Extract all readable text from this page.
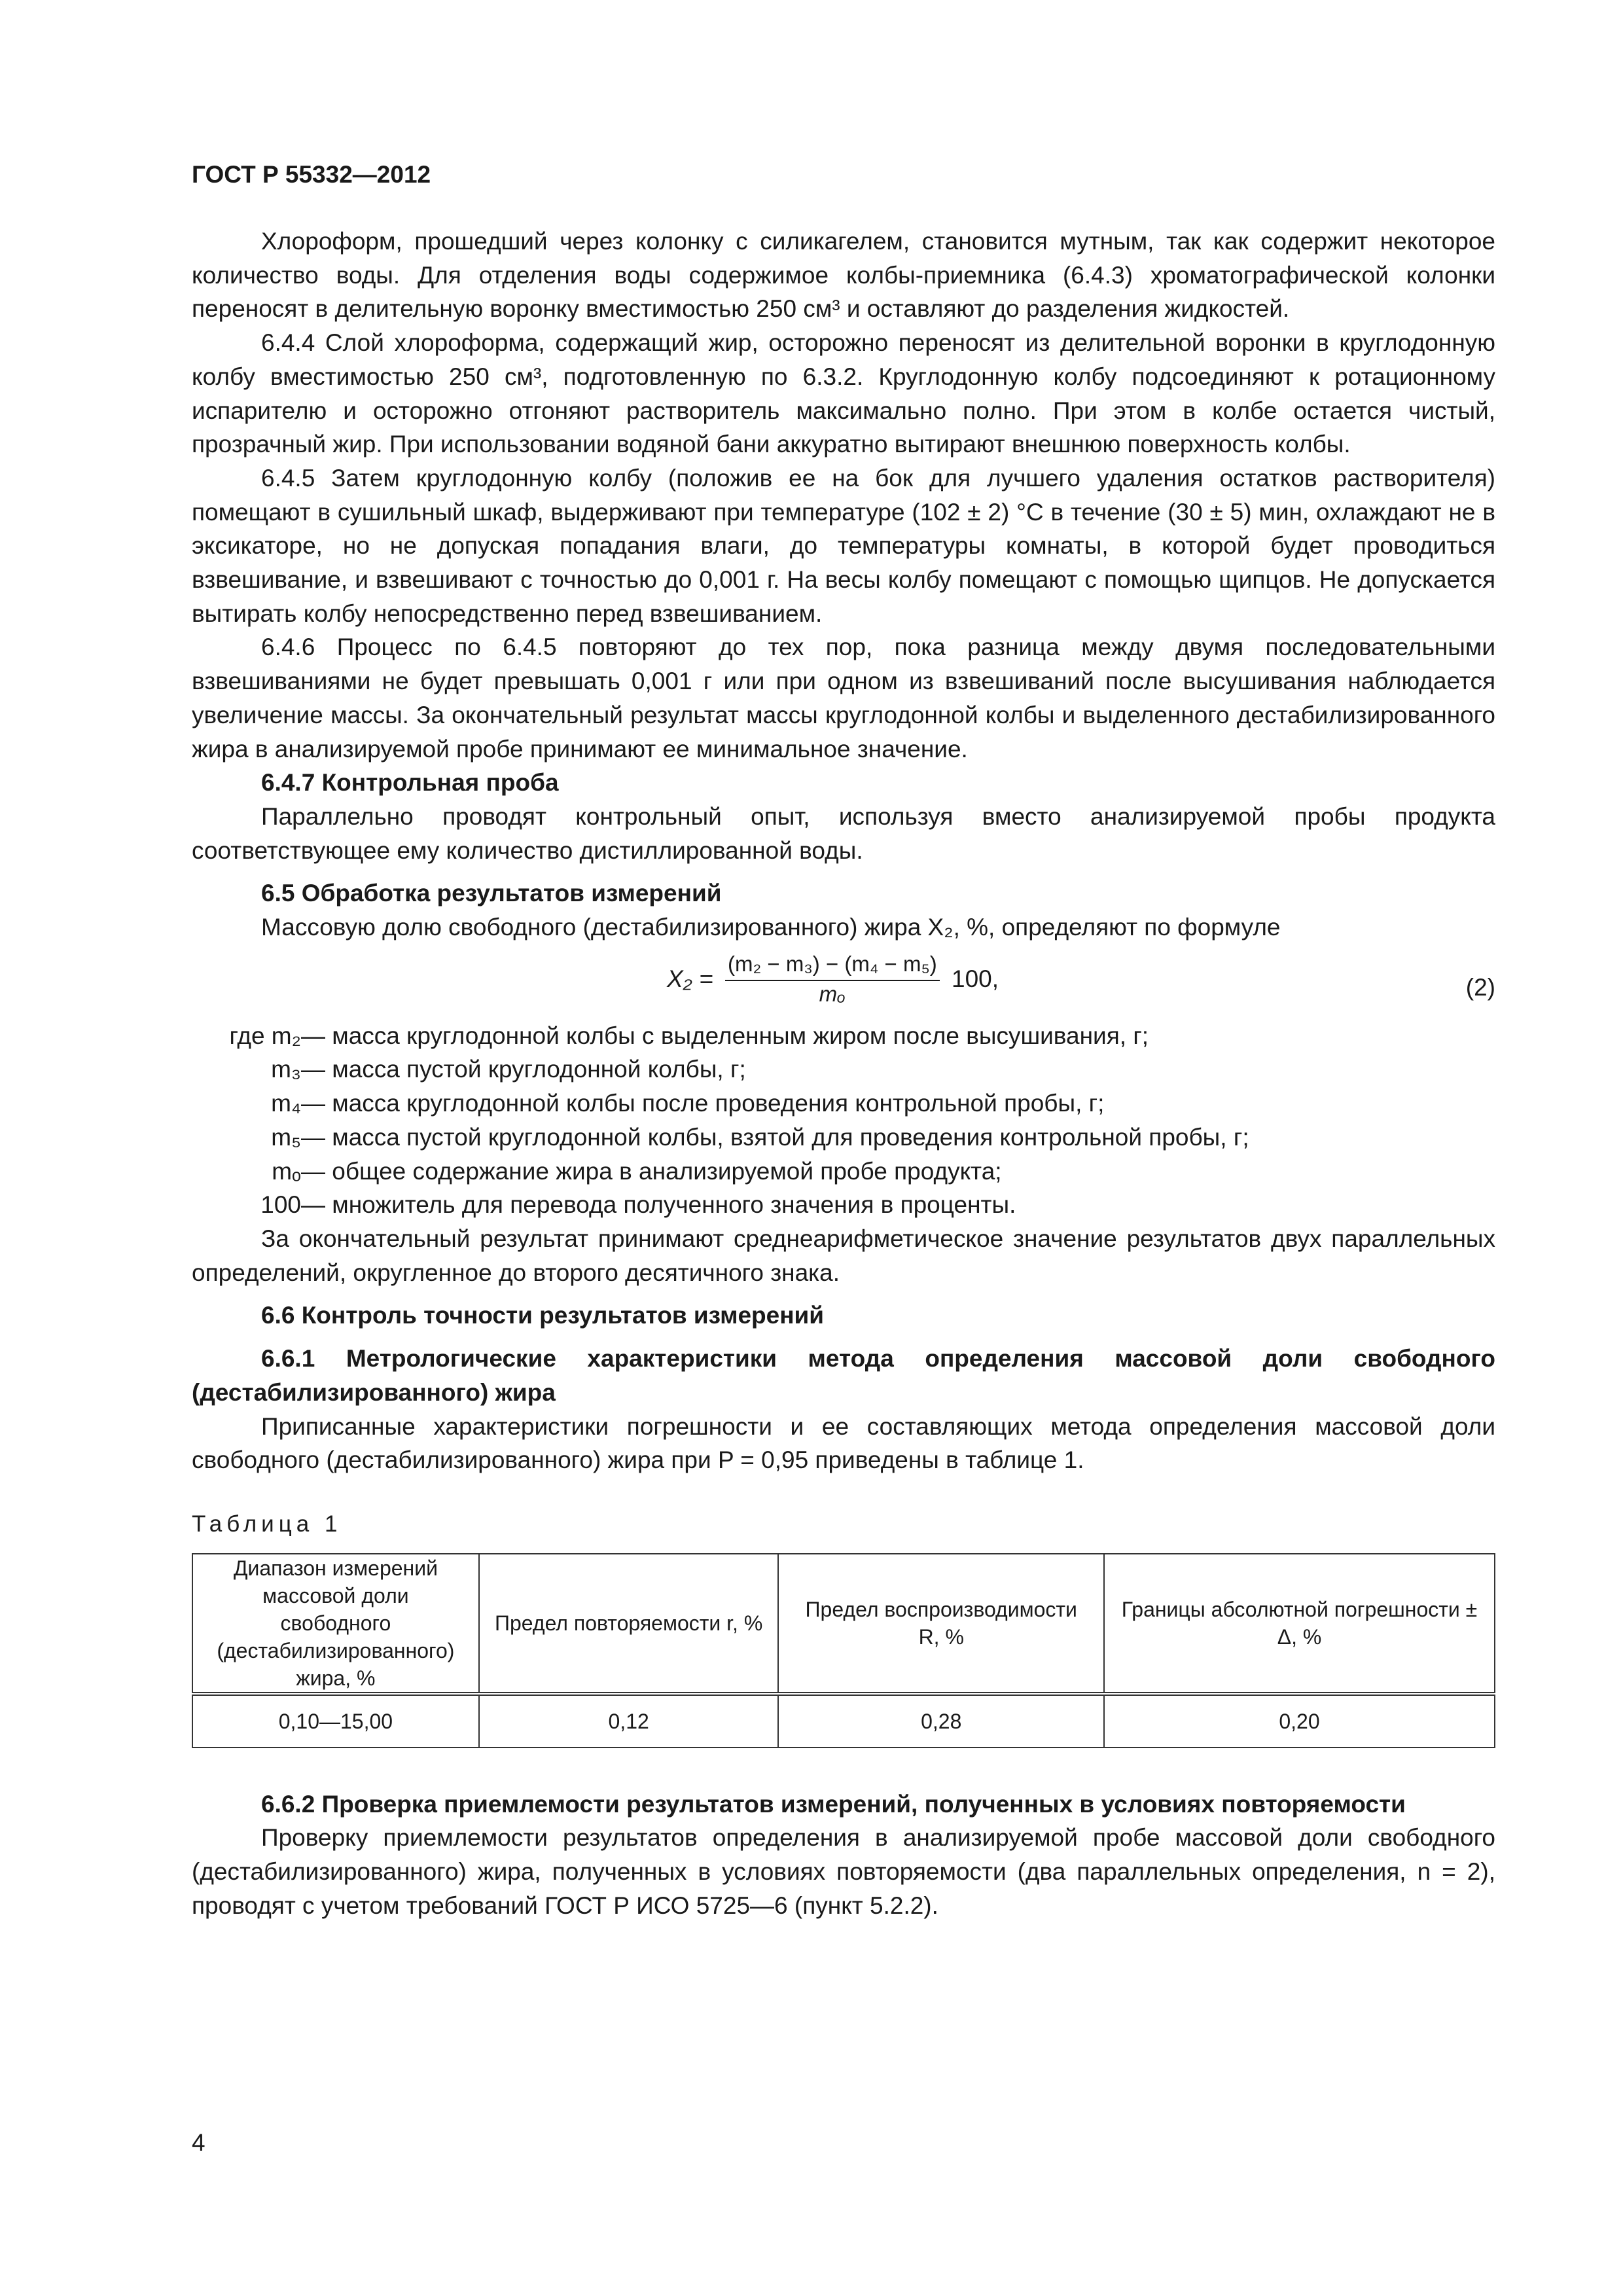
ГОСТ Р 55332—2012

Хлороформ, прошедший через колонку с силикагелем, становится мутным, так как содержит некоторое количество воды. Для отделения воды содержимое колбы-приемника (6.4.3) хроматографической колонки переносят в делительную воронку вместимостью 250 см³ и оставляют до разделения жидкостей.

6.4.4 Слой хлороформа, содержащий жир, осторожно переносят из делительной воронки в круглодонную колбу вместимостью 250 см³, подготовленную по 6.3.2. Круглодонную колбу подсоединяют к ротационному испарителю и осторожно отгоняют растворитель максимально полно. При этом в колбе остается чистый, прозрачный жир. При использовании водяной бани аккуратно вытирают внешнюю поверхность колбы.

6.4.5 Затем круглодонную колбу (положив ее на бок для лучшего удаления остатков растворителя) помещают в сушильный шкаф, выдерживают при температуре (102 ± 2) °С в течение (30 ± 5) мин, охлаждают не в эксикаторе, но не допуская попадания влаги, до температуры комнаты, в которой будет проводиться взвешивание, и взвешивают с точностью до 0,001 г. На весы колбу помещают с помощью щипцов. Не допускается вытирать колбу непосредственно перед взвешиванием.

6.4.6 Процесс по 6.4.5 повторяют до тех пор, пока разница между двумя последовательными взвешиваниями не будет превышать 0,001 г или при одном из взвешиваний после высушивания наблюдается увеличение массы. За окончательный результат массы круглодонной колбы и выделенного дестабилизированного жира в анализируемой пробе принимают ее минимальное значение.

6.4.7 Контрольная проба

Параллельно проводят контрольный опыт, используя вместо анализируемой пробы продукта соответствующее ему количество дистиллированной воды.

6.5 Обработка результатов измерений

Массовую долю свободного (дестабилизированного) жира X₂, %, определяют по формуле

$X_2 = \frac{\text{(m₂ − m₃) − (m₄ − m₅)}}{\text{mₒ}} 100$,	(2)
где m₂ — масса круглодонной колбы с выделенным жиром после высушивания, г;
m₃ — масса пустой круглодонной колбы, г;
m₄ — масса круглодонной колбы после проведения контрольной пробы, г;
m₅ — масса пустой круглодонной колбы, взятой для проведения контрольной пробы, г;
mₒ — общее содержание жира в анализируемой пробе продукта;
100 — множитель для перевода полученного значения в проценты.

За окончательный результат принимают среднеарифметическое значение результатов двух параллельных определений, округленное до второго десятичного знака.

6.6 Контроль точности результатов измерений

6.6.1 Метрологические характеристики метода определения массовой доли свободного (дестабилизированного) жира

Приписанные характеристики погрешности и ее составляющих метода определения массовой доли свободного (дестабилизированного) жира при P = 0,95 приведены в таблице 1.

Таблица 1
Диапазон измерений массовой доли свободного (дестабилизированного) жира, %	Предел повторяемости r, %	Предел воспроизводимости R, %	Границы абсолютной погрешности ± Δ, %
0,10—15,00	0,12	0,28	0,20

6.6.2 Проверка приемлемости результатов измерений, полученных в условиях повторяемости

Проверку приемлемости результатов определения в анализируемой пробе массовой доли свободного (дестабилизированного) жира, полученных в условиях повторяемости (два параллельных определения, n = 2), проводят с учетом требований ГОСТ Р ИСО 5725—6 (пункт 5.2.2).

4
